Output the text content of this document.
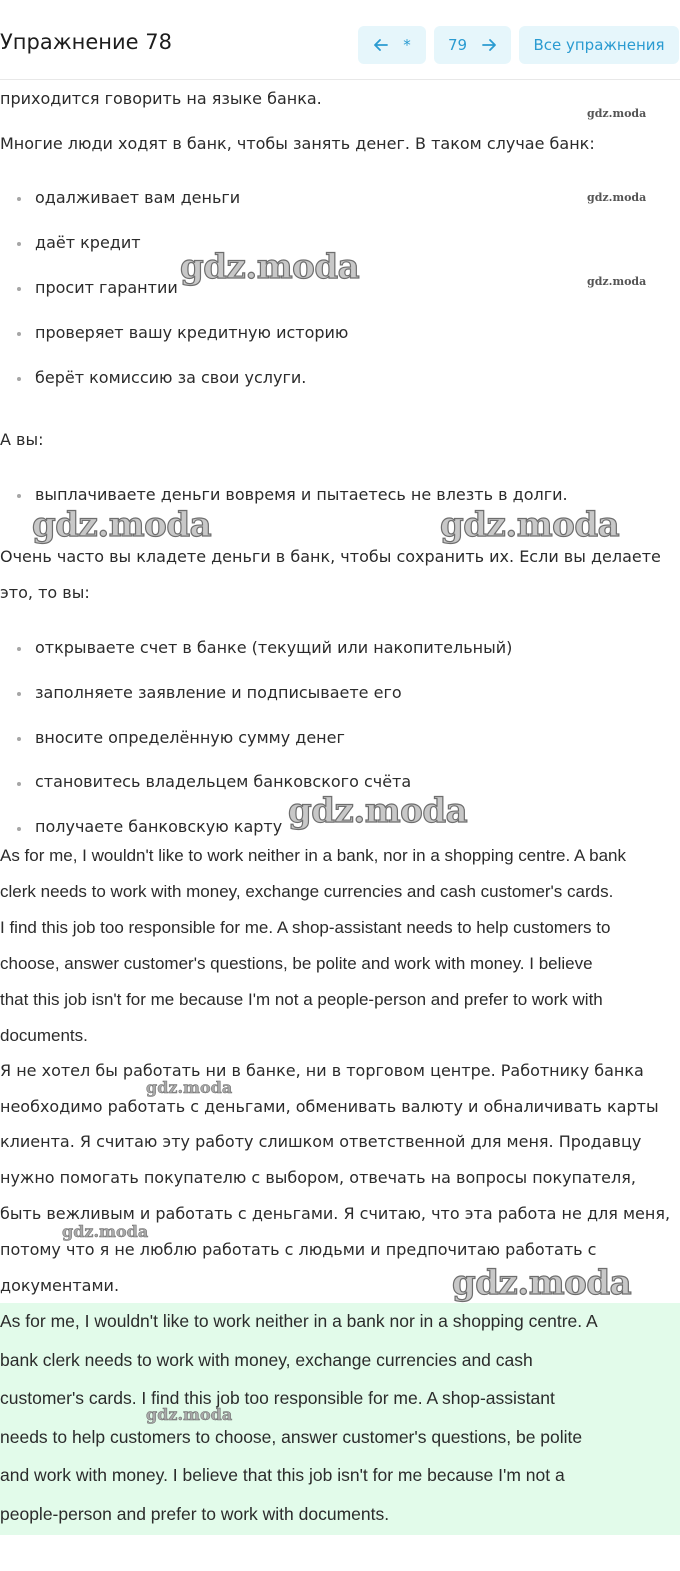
Упражнение 78	* 79	Все упражнения
приходится говорить на языке банка.
Многие люди ходят в банк, чтобы занять денег. В таком случае банк:
одалживает вам деньги
даёт кредит
просит гарантии
проверяет вашу кредитную историю
берёт комиссию за свои услуги.
А вы:
выплачиваете деньги вовремя и пытаетесь не влезть в долги.
Очень часто вы кладете деньги в банк, чтобы сохранить их. Если вы делаете
это, то вы:
открываете счет в банке (текущий или накопительный)
заполняете заявление и подписываете его
вносите определённую сумму денег
становитесь владельцем банковского счёта
получаете банковскую карту
As for me, I wouldn't like to work neither in a bank, nor in a shopping centre. A bank
clerk needs to work with money, exchange currencies and cash customer's cards.
I find this job too responsible for me. A shop-assistant needs to help customers to
choose, answer customer's questions, be polite and work with money. I believe
that this job isn't for me because I'm not a people-person and prefer to work with
documents.
Я не хотел бы работать ни в банке, ни в торговом центре. Работнику банка
необходимо работать с деньгами, обменивать валюту и обналичивать карты
клиента. Я считаю эту работу слишком ответственной для меня. Продавцу
нужно помогать покупателю с выбором, отвечать на вопросы покупателя,
быть вежливым и работать с деньгами. Я считаю, что эта работа не для меня,
потому что я не люблю работать с людьми и предпочитаю работать с
документами.
As for me, I wouldn't like to work neither in a bank nor in a shopping centre. A
bank clerk needs to work with money, exchange currencies and cash
customer's cards. I find this job too responsible for me. A shop-assistant
needs to help customers to choose, answer customer's questions, be polite
and work with money. I believe that this job isn't for me because I'm not a
people-person and prefer to work with documents.
gdz.moda
gdz.moda
gdz.moda
gdz.moda
gdz.moda	gdz.moda
gdz.moda
gdz.moda
gdz.moda
gdz.moda
gdz.moda
